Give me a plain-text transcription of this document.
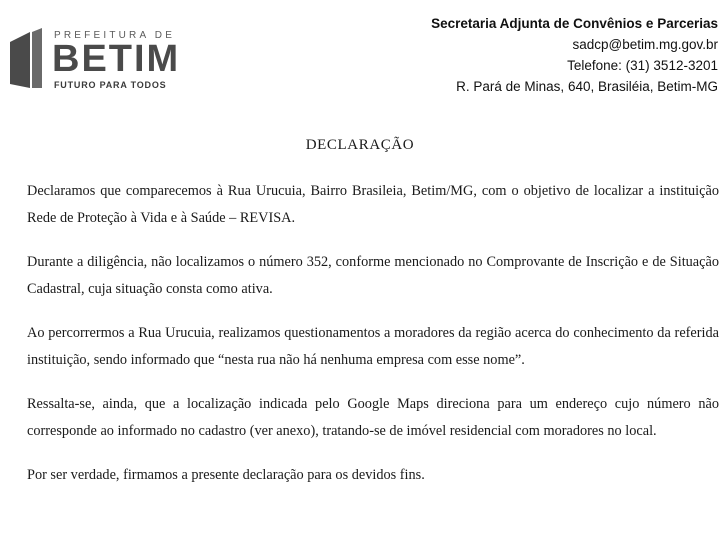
PREFEITURA DE
BETIM
FUTURO PARA TODOS
Secretaria Adjunta de Convênios e Parcerias
sadcp@betim.mg.gov.br
Telefone: (31) 3512-3201
R. Pará de Minas, 640, Brasiléia, Betim-MG
DECLARAÇÃO

Declaramos que comparecemos à Rua Urucuia, Bairro Brasileia, Betim/MG, com o objetivo de localizar a instituição Rede de Proteção à Vida e à Saúde – REVISA.

Durante a diligência, não localizamos o número 352, conforme mencionado no Comprovante de Inscrição e de Situação Cadastral, cuja situação consta como ativa.

Ao percorrermos a Rua Urucuia, realizamos questionamentos a moradores da região acerca do conhecimento da referida instituição, sendo informado que “nesta rua não há nenhuma empresa com esse nome”.

Ressalta-se, ainda, que a localização indicada pelo Google Maps direciona para um endereço cujo número não corresponde ao informado no cadastro (ver anexo), tratando-se de imóvel residencial com moradores no local.

Por ser verdade, firmamos a presente declaração para os devidos fins.
